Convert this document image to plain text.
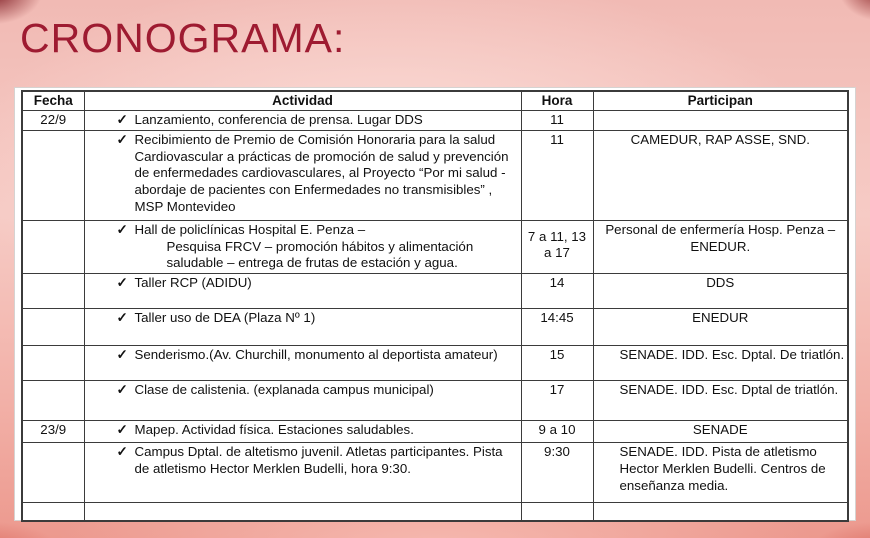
CRONOGRAMA:
Fecha	Actividad	Hora	Participan
22/9	✓ Lanzamiento, conferencia de prensa. Lugar DDS	11	

	✓ Recibimiento de Premio de Comisión Honoraria para la salud Cardiovascular a prácticas de promoción de salud y prevención de enfermedades cardiovasculares, al Proyecto “Por mi salud - abordaje de pacientes con Enfermedades no transmisibles” , MSP Montevideo	11	CAMEDUR, RAP ASSE, SND.

	✓ Hall de policlínicas Hospital E. Penza –
Pesquisa FRCV – promoción hábitos y alimentación saludable – entrega de frutas de estación y agua.	7 a 11, 13 a 17	Personal de enfermería Hosp. Penza – ENEDUR.

	✓ Taller RCP (ADIDU)	14	DDS

	✓ Taller uso de DEA (Plaza Nº 1)	14:45	ENEDUR

	✓ Senderismo.(Av. Churchill, monumento al deportista amateur)	15	SENADE. IDD. Esc. Dptal. De triatlón.

	✓ Clase de calistenia. (explanada campus municipal)	17	SENADE. IDD. Esc. Dptal de triatlón.
23/9	✓ Mapep. Actividad física. Estaciones saludables.	9 a 10	SENADE

	✓ Campus Dptal. de altetismo juvenil. Atletas participantes. Pista de atletismo Hector Merklen Budelli, hora 9:30.	9:30	SENADE. IDD. Pista de atletismo Hector Merklen Budelli. Centros de enseñanza media.
